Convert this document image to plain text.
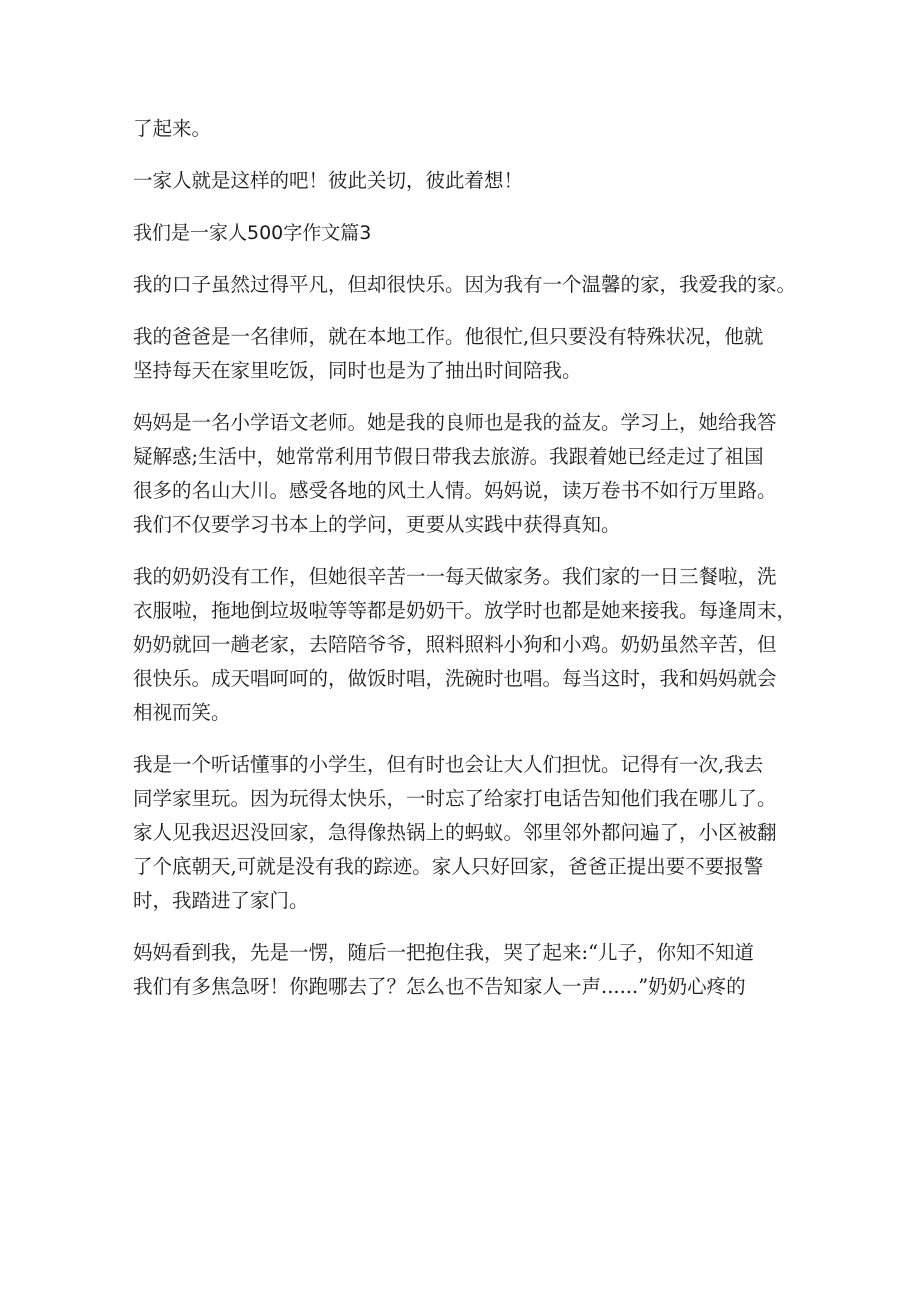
了起来。
一家人就是这样的吧！彼此关切，彼此着想！
我们是一家人500字作文篇3
我的口子虽然过得平凡，但却很快乐。因为我有一个温馨的家，我爱我的家。
我的爸爸是一名律师，就在本地工作。他很忙,但只要没有特殊状况，他就
坚持每天在家里吃饭，同时也是为了抽出时间陪我。
妈妈是一名小学语文老师。她是我的良师也是我的益友。学习上，她给我答
疑解惑;生活中，她常常利用节假日带我去旅游。我跟着她已经走过了祖国
很多的名山大川。感受各地的风土人情。妈妈说，读万卷书不如行万里路。
我们不仅要学习书本上的学问，更要从实践中获得真知。
我的奶奶没有工作，但她很辛苦一一每天做家务。我们家的一日三餐啦，洗
衣服啦，拖地倒垃圾啦等等都是奶奶干。放学时也都是她来接我。每逢周末，
奶奶就回一趟老家，去陪陪爷爷，照料照料小狗和小鸡。奶奶虽然辛苦，但
很快乐。成天唱呵呵的，做饭时唱，洗碗时也唱。每当这时，我和妈妈就会
相视而笑。
我是一个听话懂事的小学生，但有时也会让大人们担忧。记得有一次,我去
同学家里玩。因为玩得太快乐，一时忘了给家打电话告知他们我在哪儿了。
家人见我迟迟没回家，急得像热锅上的蚂蚁。邻里邻外都问遍了，小区被翻
了个底朝天,可就是没有我的踪迹。家人只好回家，爸爸正提出要不要报警
时，我踏进了家门。
妈妈看到我，先是一愣，随后一把抱住我，哭了起来:“儿子，你知不知道
我们有多焦急呀！你跑哪去了？怎么也不告知家人一声......”奶奶心疼的
